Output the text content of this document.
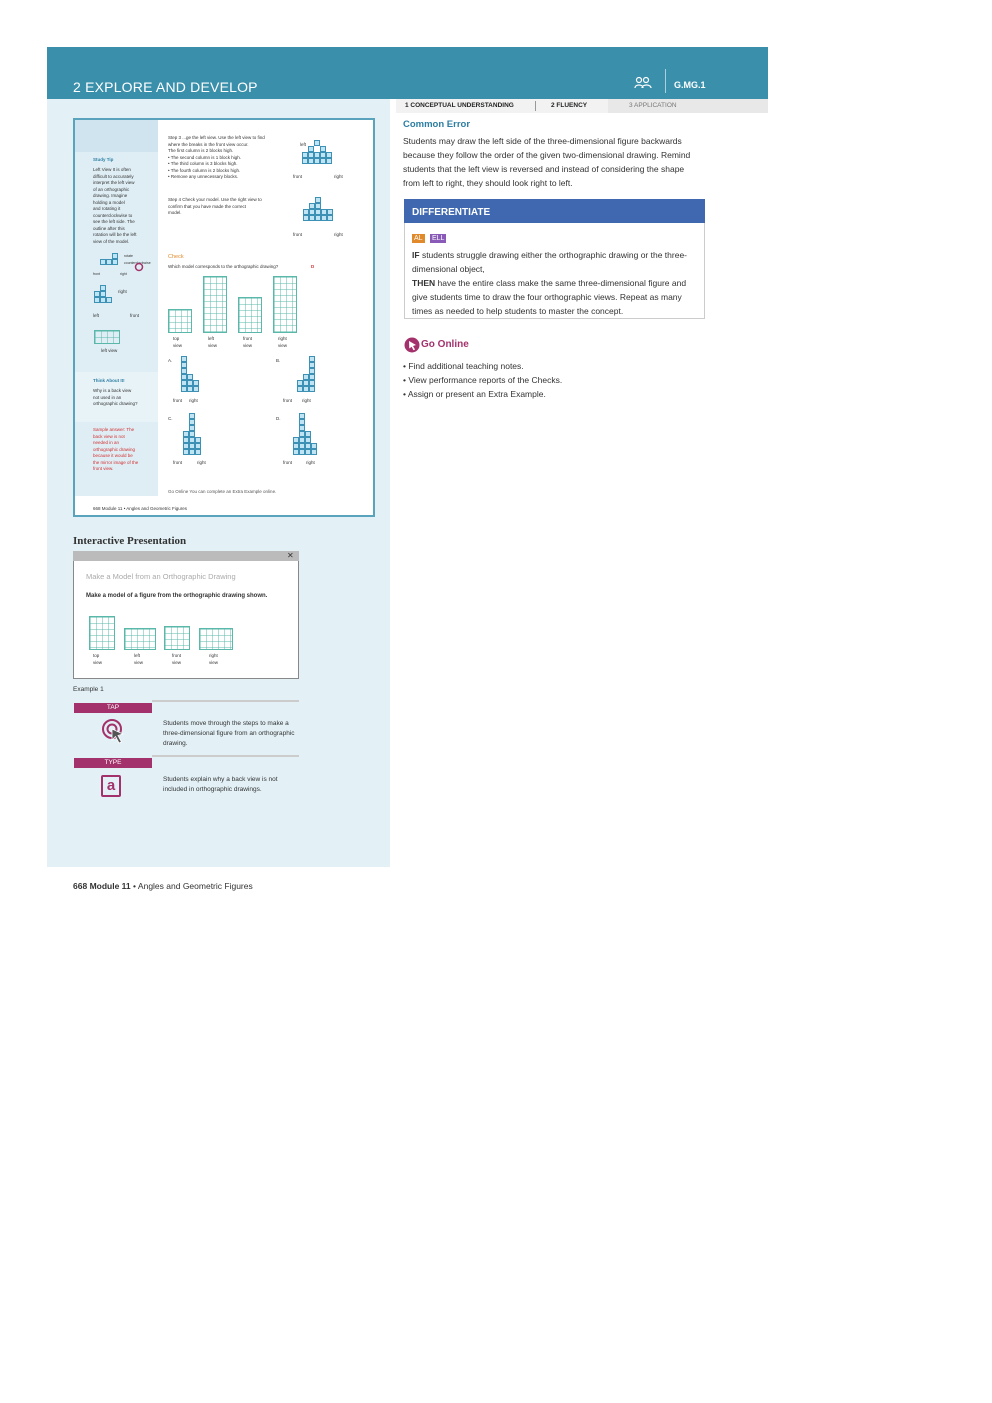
2 EXPLORE AND DEVELOP	G.MG.1
1 CONCEPTUAL UNDERSTANDING	2 FLUENCY	3 APPLICATION
Study Tip
Left View It is often
difficult to accurately
interpret the left view
of an orthographic
drawing. Imagine
holding a model
and rotating it
counterclockwise to
see the left side. The
outline after this
rotation will be the left
view of the model.
rotate counterclockwise
front	right
right
left	front
left view
Think About It!
Why is a back view
not used in an
orthographic drawing?
Sample answer: The
back view is not
needed in an
orthographic drawing
because it would be
the mirror image of the
front view.
Step 3 ...ge the left view. Use the left view to find
where the breaks in the front view occur.
The first column is 2 blocks high.
• The second column is 1 block high.
• The third column is 3 blocks high.
• The fourth column is 2 blocks high.
• Remove any unnecessary blocks.
Step 4 Check your model. Use the right view to
confirm that you have made the correct
model.
left
front	right
front	right
Check
Which model corresponds to the orthographic drawing?	D
top view
left view
front view
right view
A.	B.
C.	D.
front right	front right
front	right	front	right
Go Online You can complete an Extra Example online.
668 Module 11 • Angles and Geometric Figures
Interactive Presentation
✕
Make a Model from an Orthographic Drawing
Make a model of a figure from the orthographic drawing shown.
top view
left view
front view
right view
Example 1
TAP
Students move through the steps to make a three-dimensional figure from an orthographic drawing.
TYPE
a	Students explain why a back view is not included in orthographic drawings.
668 Module 11 • Angles and Geometric Figures
Common Error
Students may draw the left side of the three-dimensional figure backwards because they follow the order of the given two-dimensional drawing. Remind students that the left view is reversed and instead of considering the shape from left to right, they should look right to left.
DIFFERENTIATE
AL ELL
IF students struggle drawing either the orthographic drawing or the three-dimensional object,
THEN have the entire class make the same three-dimensional figure and give students time to draw the four orthographic views. Repeat as many times as needed to help students to master the concept.
Go Online
• Find additional teaching notes.
• View performance reports of the Checks.
• Assign or present an Extra Example.
